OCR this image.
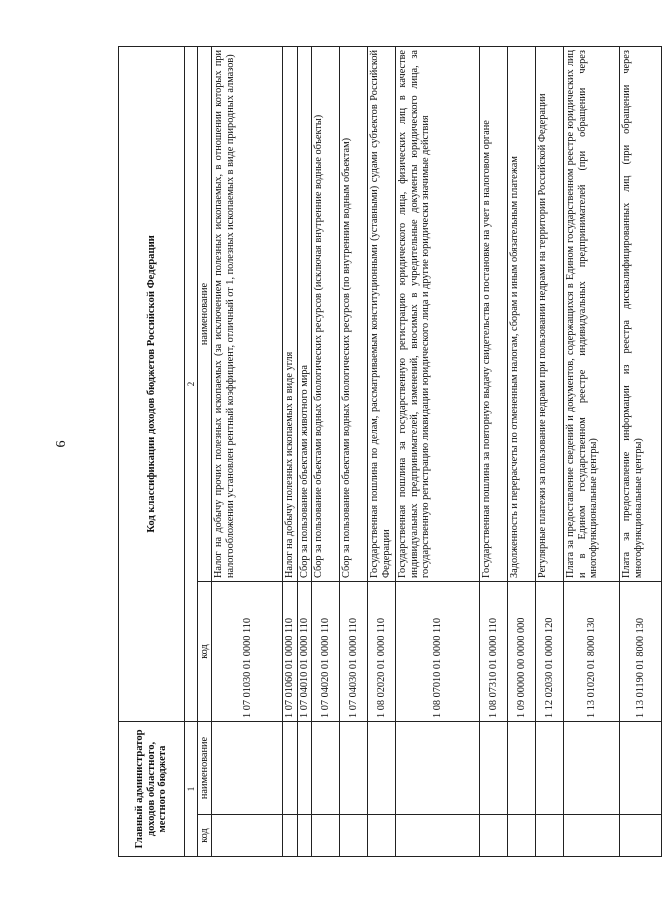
6
Главный администратор доходов областного, местного бюджета		Код классификации доходов бюджетов Российской Федерации	
1		2	
код	наименование	код	наименование
		1 07 01030 01 0000 110	Налог на добычу прочих полезных ископаемых (за исключением полезных ископаемых, в отношении которых при налогообложении установлен рентный коэффициент, отличный от 1, полезных ископаемых в виде природных алмазов)
		1 07 01060 01 0000 110	Налог на добычу полезных ископаемых в виде угля
		1 07 04010 01 0000 110	Сбор за пользование объектами животного мира
		1 07 04020 01 0000 110	Сбор за пользование объектами водных биологических ресурсов (исключая внутренние водные объекты)
		1 07 04030 01 0000 110	Сбор за пользование объектами водных биологических ресурсов (по внутренним водным объектам)
		1 08 02020 01 0000 110	Государственная пошлина по делам, рассматриваемым конституционными (уставными) судами субъектов Российской Федерации
		1 08 07010 01 0000 110	Государственная пошлина за государственную регистрацию юридического лица, физических лиц в качестве индивидуальных предпринимателей, изменений, вносимых в учредительные документы юридического лица, за государственную регистрацию ликвидации юридического лица и другие юридически значимые действия
		1 08 07310 01 0000 110	Государственная пошлина за повторную выдачу свидетельства о постановке на учет в налоговом органе
		1 09 00000 00 0000 000	Задолженность и перерасчеты по отмененным налогам, сборам и иным обязательным платежам
		1 12 02030 01 0000 120	Регулярные платежи за пользование недрами при пользовании недрами на территории Российской Федерации
		1 13 01020 01 8000 130	Плата за предоставление сведений и документов, содержащихся в Едином государственном реестре юридических лиц и в Едином государственном реестре индивидуальных предпринимателей (при обращении через многофункциональные центры)
		1 13 01190 01 8000 130	Плата за предоставление информации из реестра дисквалифицированных лиц (при обращении через многофункциональные центры)
